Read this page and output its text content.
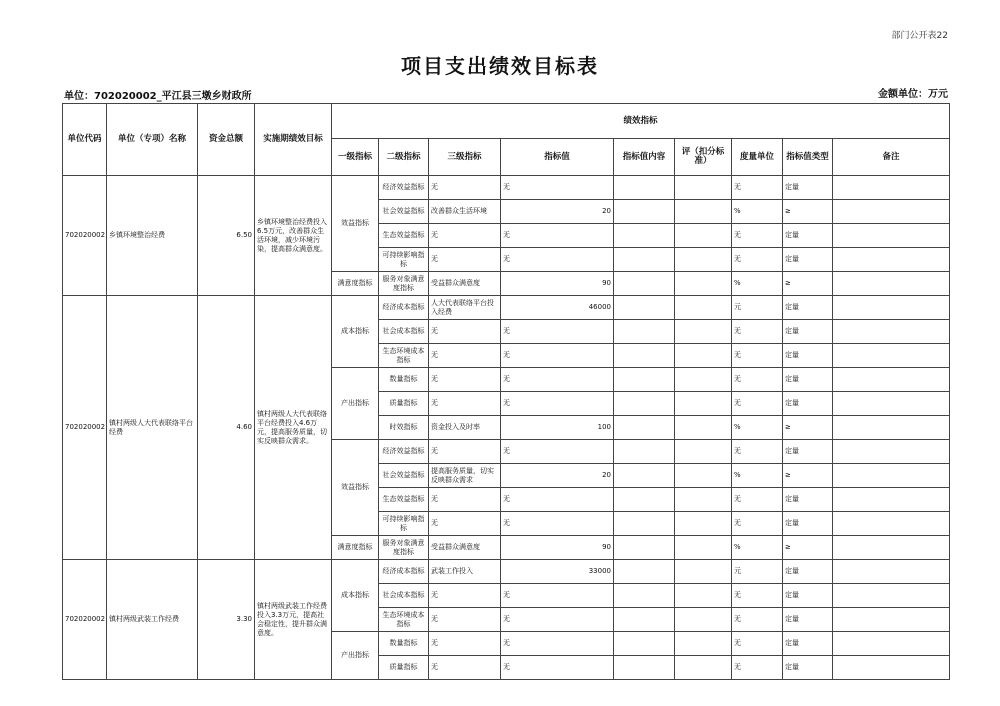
部门公开表22
项目支出绩效目标表
单位：702020002_平江县三墩乡财政所	金额单位：万元
单位代码	单位（专项）名称	资金总额	实施期绩效目标	绩效指标								
				一级指标	二级指标	三级指标	指标值	指标值内容	评（扣分标准）	度量单位	指标值类型	备注
702020002	乡镇环境整治经费	6.50	乡镇环境整治经费投入6.5万元，改善群众生活环境，减少环境污染，提高群众满意度。	效益指标	经济效益指标	无	无			无	定量	
					社会效益指标	改善群众生活环境	20			%	≥	
					生态效益指标	无	无			无	定量	
					可持续影响指标	无	无			无	定量	
				满意度指标	服务对象满意度指标	受益群众满意度	90			%	≥	
702020002	镇村两级人大代表联络平台经费	4.60	镇村两级人大代表联络平台经费投入4.6万元，提高服务质量，切实反映群众需求。	成本指标	经济成本指标	人大代表联络平台投入经费	46000			元	定量	
					社会成本指标	无	无			无	定量	
					生态环境成本指标	无	无			无	定量	
				产出指标	数量指标	无	无			无	定量	
					质量指标	无	无			无	定量	
					时效指标	资金投入及时率	100			%	≥	
				效益指标	经济效益指标	无	无			无	定量	
					社会效益指标	提高服务质量，切实反映群众需求	20			%	≥	
					生态效益指标	无	无			无	定量	
					可持续影响指标	无	无			无	定量	
				满意度指标	服务对象满意度指标	受益群众满意度	90			%	≥	
702020002	镇村两级武装工作经费	3.30	镇村两级武装工作经费投入3.3万元，提高社会稳定性，提升群众满意度。	成本指标	经济成本指标	武装工作投入	33000			元	定量	
					社会成本指标	无	无			无	定量	
					生态环境成本指标	无	无			无	定量	
				产出指标	数量指标	无	无			无	定量	
					质量指标	无	无			无	定量	
